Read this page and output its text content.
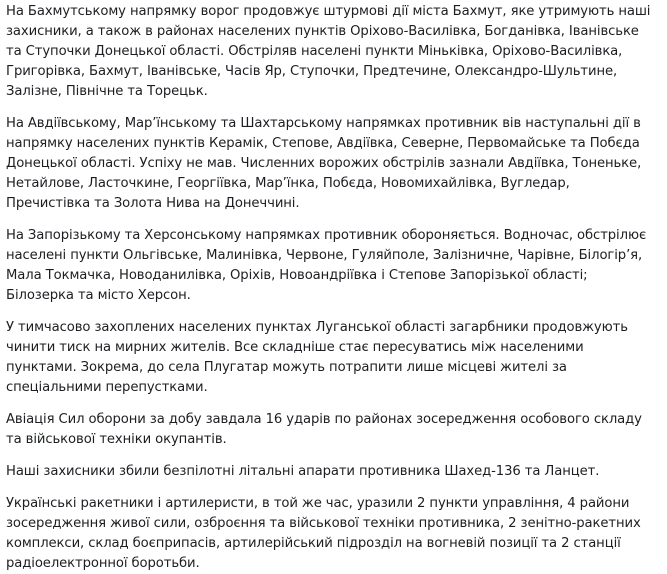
На Бахмутському напрямку ворог продовжує штурмові дії міста Бахмут, яке утримують наші захисники, а також в районах населених пунктів Оріхово-Василівка, Богданівка, Іванівське та Ступочки Донецької області. Обстріляв населені пункти Міньківка, Оріхово-Василівка, Григорівка, Бахмут, Іванівське, Часів Яр, Ступочки, Предтечине, Олександро-Шультине, Залізне, Північне та Торецьк.

На Авдіївському, Мар’їнському та Шахтарському напрямках противник вів наступальні дії в напрямку населених пунктів Керамік, Степове, Авдіївка, Северне, Первомайське та Побєда Донецької області. Успіху не мав. Численних ворожих обстрілів зазнали Авдіївка, Тоненьке, Нетайлове, Ласточкине, Георгіївка, Мар’їнка, Побєда, Новомихайлівка, Вугледар, Пречистівка та Золота Нива на Донеччині.

На Запорізькому та Херсонському напрямках противник обороняється. Водночас, обстрілює населені пункти Ольгівське, Малинівка, Червоне, Гуляйполе, Залізничне, Чарівне, Білогір’я, Мала Токмачка, Новоданилівка, Оріхів, Новоандріївка і Степове Запорізької області; Білозерка та місто Херсон.

У тимчасово захоплених населених пунктах Луганської області загарбники продовжують чинити тиск на мирних жителів. Все складніше стає пересуватись між населеними пунктами. Зокрема, до села Плугатар можуть потрапити лише місцеві жителі за спеціальними перепустками.

Авіація Сил оборони за добу завдала 16 ударів по районах зосередження особового складу та військової техніки окупантів.

Наші захисники збили безпілотні літальні апарати противника Шахед-136 та Ланцет.

Українські ракетники і артилеристи, в той же час, уразили 2 пункти управління, 4 райони зосередження живої сили, озброєння та військової техніки противника, 2 зенітно-ракетних комплекси, склад боєприпасів, артилерійський підрозділ на вогневій позиції та 2 станції радіоелектронної боротьби.
